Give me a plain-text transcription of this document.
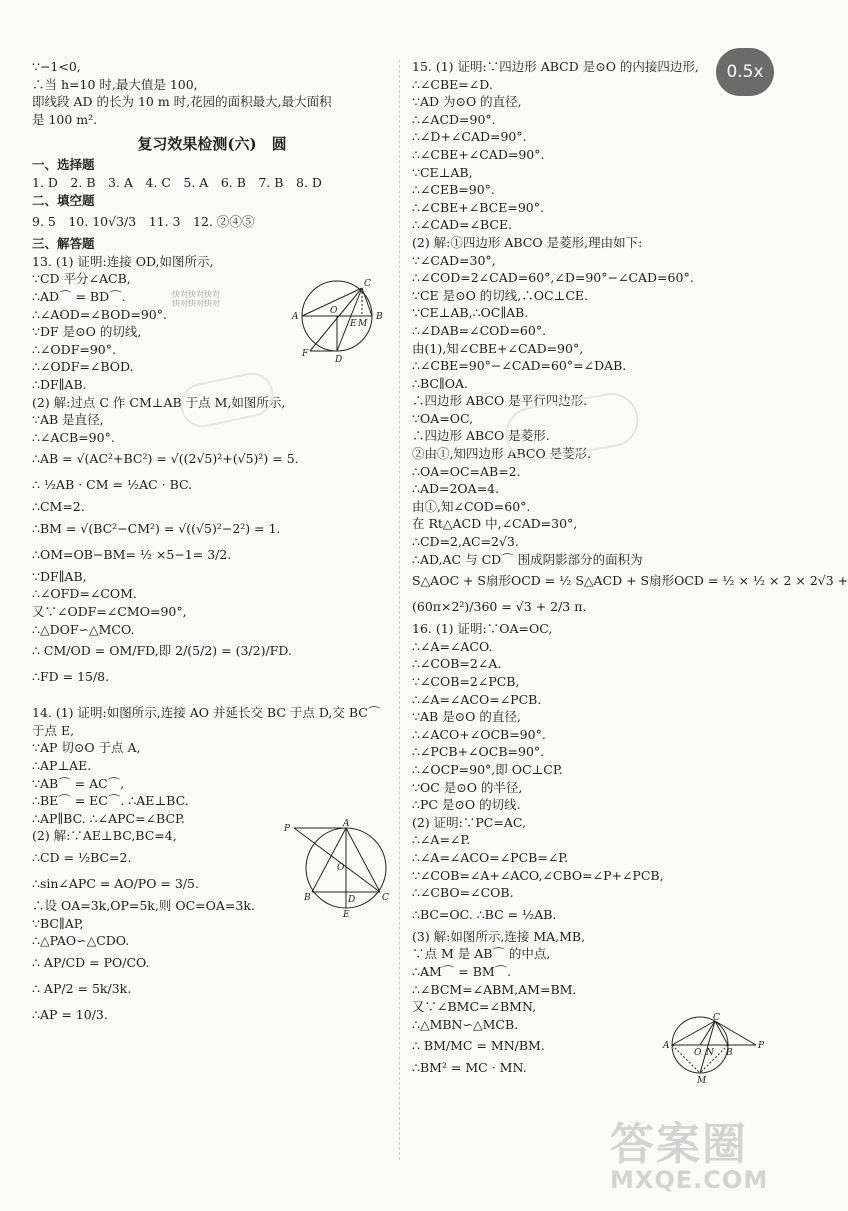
∵−1<0,
∴当 h=10 时,最大值是 100,
即线段 AD 的长为 10 m 时,花园的面积最大,最大面积
是 100 m².
复习效果检测(六)　圆
一、选择题
1. D　2. B　3. A　4. C　5. A　6. B　7. B　8. D
二、填空题
9. 5　10. 10√3/3　11. 3　12. ②④⑤
三、解答题
13. (1) 证明:连接 OD,如图所示,
∵CD 平分∠ACB,
∴AD⌒ = BD⌒.
∴∠AOD=∠BOD=90°.
∵DF 是⊙O 的切线,
∴∠ODF=90°.
∴∠ODF=∠BOD.
∴DF∥AB.
(2) 解:过点 C 作 CM⊥AB 于点 M,如图所示,
∵AB 是直径,
∴∠ACB=90°.
∴AB = √(AC²+BC²) = √((2√5)²+(√5)²) = 5.
∴ ½AB · CM = ½AC · BC.
∴CM=2.
∴BM = √(BC²−CM²) = √((√5)²−2²) = 1.
∴OM=OB−BM= ½ ×5−1= 3/2.
∵DF∥AB,
∴∠OFD=∠COM.
又∵∠ODF=∠CMO=90°,
∴△DOF∽△MCO.
∴ CM/OD = OM/FD,即 2/(5/2) = (3/2)/FD.
∴FD = 15/8.
14. (1) 证明:如图所示,连接 AO 并延长交 BC 于点 D,交 BC⌒
于点 E,
∵AP 切⊙O 于点 A,
∴AP⊥AE.
∵AB⌒ = AC⌒,
∴BE⌒ = EC⌒. ∴AE⊥BC.
∴AP∥BC. ∴∠APC=∠BCP.
(2) 解:∵AE⊥BC,BC=4,
∴CD = ½BC=2.
∴sin∠APC = AO/PO = 3/5.
∴设 OA=3k,OP=5k,则 OC=OA=3k.
∵BC∥AP,
∴△PAO∽△CDO.
∴ AP/CD = PO/CO.
∴ AP/2 = 5k/3k.
∴AP = 10/3.
15. (1) 证明:∵四边形 ABCD 是⊙O 的内接四边形,
∴∠CBE=∠D.
∵AD 为⊙O 的直径,
∴∠ACD=90°.
∴∠D+∠CAD=90°.
∴∠CBE+∠CAD=90°.
∵CE⊥AB,
∴∠CEB=90°.
∴∠CBE+∠BCE=90°.
∴∠CAD=∠BCE.
(2) 解:①四边形 ABCO 是菱形,理由如下:
∵∠CAD=30°,
∴∠COD=2∠CAD=60°,∠D=90°−∠CAD=60°.
∵CE 是⊙O 的切线,∴OC⊥CE.
∵CE⊥AB,∴OC∥AB.
∴∠DAB=∠COD=60°.
由(1),知∠CBE+∠CAD=90°,
∴∠CBE=90°−∠CAD=60°=∠DAB.
∴BC∥OA.
∴四边形 ABCO 是平行四边形.
∵OA=OC,
∴四边形 ABCO 是菱形.
②由①,知四边形 ABCO 是菱形.
∴OA=OC=AB=2.
∴AD=2OA=4.
由①,知∠COD=60°.
在 Rt△ACD 中,∠CAD=30°,
∴CD=2,AC=2√3.
∴AD,AC 与 CD⌒ 围成阴影部分的面积为
S△AOC + S扇形OCD = ½ S△ACD + S扇形OCD = ½ × ½ × 2 × 2√3 +
(60π×2²)/360 = √3 + 2/3 π.
16. (1) 证明:∵OA=OC,
∴∠A=∠ACO.
∴∠COB=2∠A.
∵∠COB=2∠PCB,
∴∠A=∠ACO=∠PCB.
∵AB 是⊙O 的直径,
∴∠ACO+∠OCB=90°.
∴∠PCB+∠OCB=90°.
∴∠OCP=90°,即 OC⊥CP.
∵OC 是⊙O 的半径,
∴PC 是⊙O 的切线.
(2) 证明:∵PC=AC,
∴∠A=∠P.
∴∠A=∠ACO=∠PCB=∠P.
∵∠COB=∠A+∠ACO,∠CBO=∠P+∠PCB,
∴∠CBO=∠COB.
∴BC=OC. ∴BC = ½AB.
(3) 解:如图所示,连接 MA,MB,
∵点 M 是 AB⌒ 的中点,
∴AM⌒ = BM⌒.
∴∠BCM=∠ABM,AM=BM.
又∵∠BMC=∠BMN,
∴△MBN∽△MCB.
∴ BM/MC = MN/BM.
∴BM² = MC · MN.
C
A
O
E M
B
F
D
P	A
O
B	D	C
E
C
A
O N B
P
M
快对快对快对 快对快对快对
0.5x
答案圈
MXQE.COM
